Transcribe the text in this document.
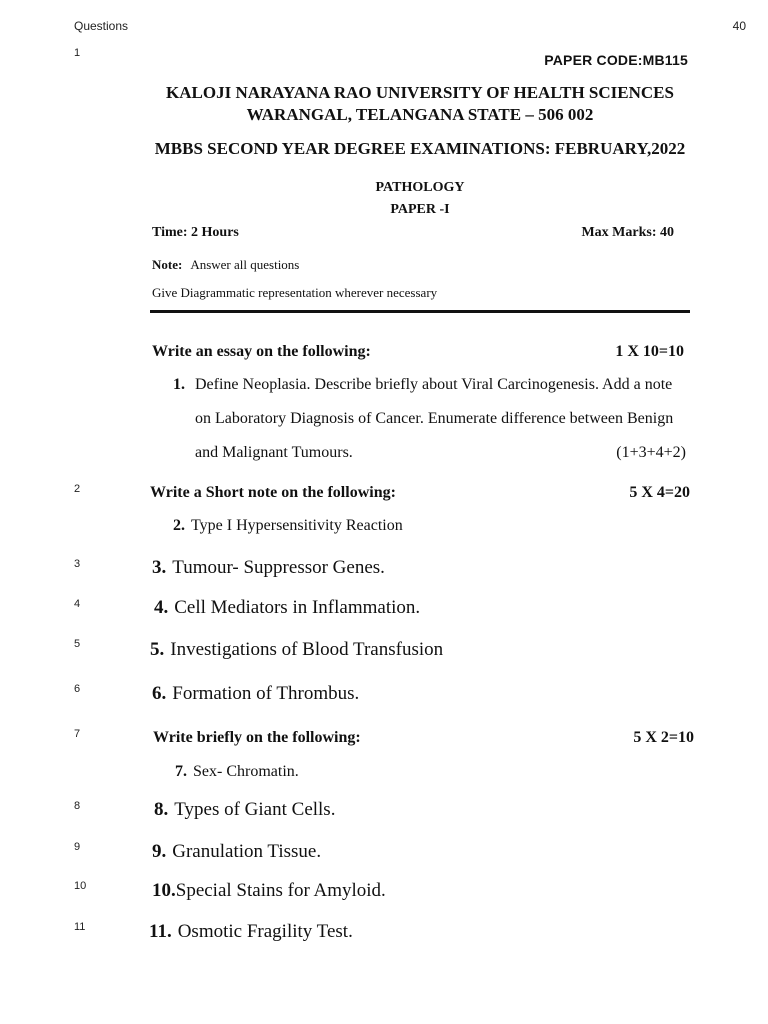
Questions	40
1
2
3
4
5
6
7
8
9
10
11
PAPER CODE:MB115
KALOJI NARAYANA RAO UNIVERSITY OF HEALTH SCIENCES
WARANGAL, TELANGANA STATE – 506 002
MBBS SECOND YEAR DEGREE EXAMINATIONS: FEBRUARY,2022
PATHOLOGY
PAPER -I
Time: 2 Hours	Max Marks: 40
Note: Answer all questions
Give Diagrammatic representation wherever necessary
Write an essay on the following:	1 X 10=10
1. Define Neoplasia. Describe briefly about Viral Carcinogenesis. Add a note
on Laboratory Diagnosis of Cancer. Enumerate difference between Benign
and Malignant Tumours.	(1+3+4+2)
Write a Short note on the following:	5 X 4=20
2. Type I Hypersensitivity Reaction
3. Tumour- Suppressor Genes.
4. Cell Mediators in Inflammation.
5. Investigations of Blood Transfusion
6. Formation of Thrombus.
Write briefly on the following:	5 X 2=10
7. Sex- Chromatin.
8. Types of Giant Cells.
9. Granulation Tissue.
10.Special Stains for Amyloid.
11. Osmotic Fragility Test.
